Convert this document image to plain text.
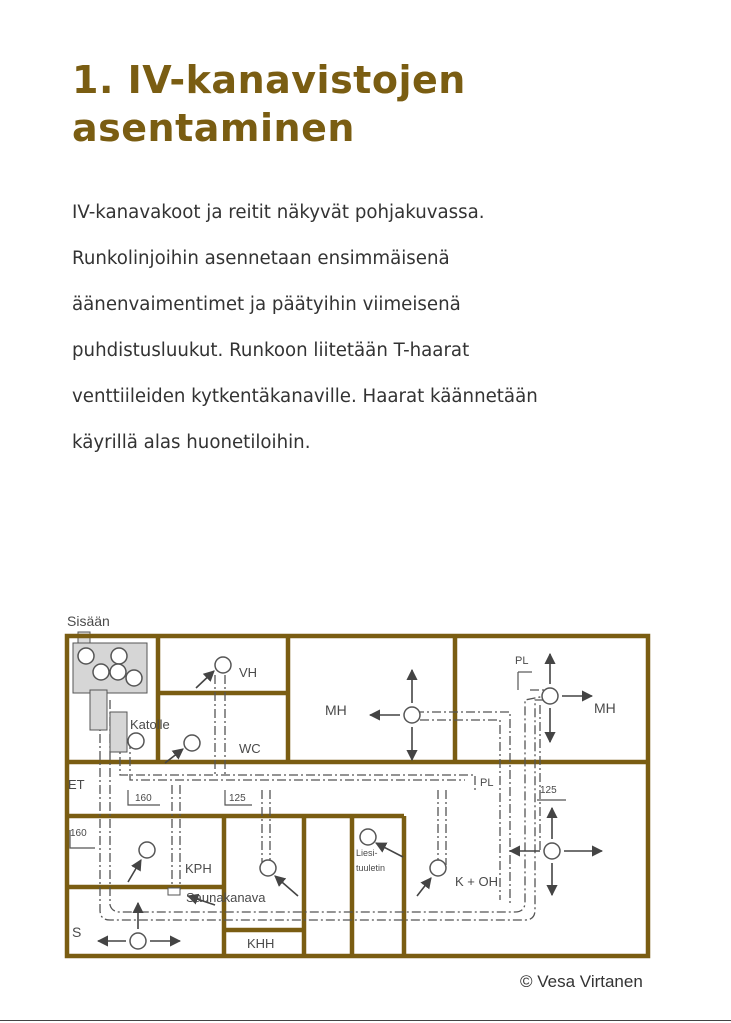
1. IV-kanavistojen
asentaminen
IV-kanavakoot ja reitit näkyvät pohjakuvassa.
Runkolinjoihin asennetaan ensimmäisenä
äänenvaimentimet ja päätyihin viimeisenä
puhdistusluukut. Runkoon liitetään T-haarat
venttiileiden kytkentäkanaville. Haarat käännetään
käyrillä alas huonetiloihin.
Sisään
Katolle
VH
WC
MH	MH
PL
PL
ET
160	125
125
160
KPH
Saunakanava
Liesi-
tuuletin
K + OH
S
KHH
© Vesa Virtanen
